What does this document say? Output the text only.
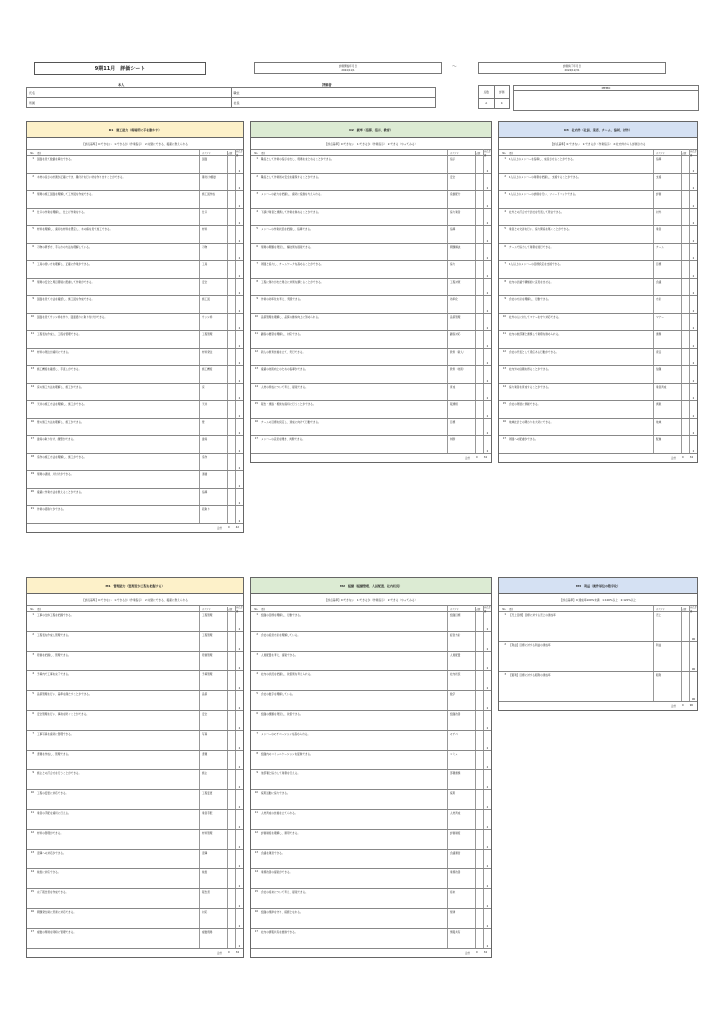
9期11月　評価シート	評価開始年月日
2024/11/1
～	評価終了年月日
2024/11/31
本人	評価者
氏名	職位
所属	社長
点数	評価
A	4
MEMO
D1　施工能力（現場所に手を動かす）
【評点基準】0:できない　1:できるが（作業指示）　2:完璧にできる、後輩に教えられる
No.	項目	カテゴリ	点数
自己評価
1	図面を見て数値を算出できる。	図面
2
2	木材の長さの計測が正確にでき、墨付けを行い材を作り出すことができる。	墨付け/鉋掛
2
3	現場の施工図面を理解して工作図を作成できる。	施工図作成
2
4	仕口の作業を理解し、仕上げ作業をする。	仕口
2
5	材料を理解し、適切な材料を選定し、木の癖を見て加工できる。	材料
2
6	刃物の研ぎ方、手入れの方法を理解している。	刃物
2
7	工具の使い方を理解し、正確に作業ができる。	工具
2
8	現場の安全と周辺環境に配慮して作業ができる。	安全
2
9	図面を見て寸法を確認し、施工図を作成できる。	施工図
2
10	図面を見てサッシ枠を作り、図面通りに取り付けができる。	サッシ枠
2
11	工程表を作成し、工程を管理できる。	工程管理
2
12	材料の発注が適切にできる。	材料発注
2
13	施工精度を確認し、手直しができる。	施工精度
2
14	床の施工方法を理解し、施工ができる。	床
2
15	天井の施工方法を理解し、施工ができる。	天井
2
16	壁の施工方法を理解し、施工ができる。	壁
2
17	建具の取り付け、調整ができる。	建具
2
18	造作の施工方法を理解し、施工ができる。	造作
2
19	現場の清掃、片付けができる。	清掃
2
20	後輩に作業方法を教えることができる。	指導
2
21	作業の段取りができる。	段取り
2
合計 0 42
D2　統率（指揮、指示、教育）
【評点基準】0:できない　1:できるが（作業指示）　2:できる（やってみる）
No.	項目	カテゴリ	点数
自己評価
1	職長として作業の指示を出し、現場をまとめることができる。	指示
2
2	職長として作業員の安全を確保することができる。	安全
2
3	メンバーの能力を把握し、適切に役割を与えられる。	役割配分
2
4	下請け業者と連携して作業を進めることができる。	協力業者
2
5	メンバーの作業状況を把握し、指導できる。	指導
2
6	現場の問題を発見し、解決策を提案できる。	問題解決
2
7	周囲と協力し、チームワークを高めることができる。	協力
2
8	工程に遅れが出た場合に対策を講じることができる。	工程対策
2
9	作業の効率化を考え、実践できる。	効率化
2
10	品質管理を理解し、品質の維持向上に努められる。	品質管理
2
11	顧客の要望を理解し、対応できる。	顧客対応
2
12	新人の教育計画を立て、実行できる。	教育（新人）
2
13	後輩の技術向上のための指導ができる。	教育（技術）
2
14	人材の育成について考え、提案できる。	育成
2
15	報告・連絡・相談を適切に行うことができる。	報連相
2
16	チームの目標を設定し、達成に向けて行動できる。	目標
2
17	メンバーの意見を聞き、判断できる。	判断
2
合計 0 34
D3　社内外（社員、業者、チーム、協同、対外）
【評点基準】0:できない　1:できるが（作業指示）　2:社内外からも評価される
No.	項目	カテゴリ	点数
自己評価
1	1人以上のメンバーを指導し、成長させることができる。	指導
2
2	1人以上のメンバーの業務を把握し、支援することができる。	支援
2
3	1人以上のメンバーの評価を行い、フィードバックできる。	評価
2
4	社外との打合せで会社を代表して発言できる。	対外
2
5	業者との交渉を行い、協力関係を築くことができる。	業者
2
6	チームで協力して業務を遂行できる。	チーム
2
7	1人以上のメンバーの目標設定を支援できる。	目標
2
8	社内の会議で積極的に意見を出せる。	会議
2
9	会社の方針を理解し、行動できる。	方針
2
10	社外の人に対してマナーを守り対応できる。	マナー
2
11	社内の他部署と連携して業務を進められる。	連携
2
12	会社の代表として責任ある行動ができる。	責任
2
13	社内外の信頼を得ることができる。	信頼
2
14	協力業者を育成することができる。	業者育成
2
15	会社の発展に貢献できる。	貢献
2
16	地域社会との関わりを大切にできる。	地域
2
17	周囲への配慮ができる。	配慮
2
合計 0 34
M1　管理能力（監理者が工程を把握する）
【評点基準】0:できない　1:できるが（作業指示）　2:完璧にできる、後輩に教えられる
No.	項目	カテゴリ	点数
自己評価
1	工事の全体工程を把握できる。	工程管理
2
2	工程表を作成し管理できる。	工程管理
2
3	原価を把握し、管理できる。	原価管理
2
4	予算内で工事を完了できる。	予算管理
2
5	品質管理を行い、基準を満たすことができる。	品質
2
6	安全管理を行い、事故を防ぐことができる。	安全
2
7	工事写真を適切に管理できる。	写真
2
8	書類を作成し、管理できる。	書類
2
9	施主との打合せを行うことができる。	施主
2
10	工程の変更に対応できる。	工程変更
2
11	業者の手配を適切に行える。	業者手配
2
12	材料の管理ができる。	材料管理
2
13	近隣への対応ができる。	近隣
2
14	検査に対応できる。	検査
2
15	完了報告書を作成できる。	報告書
2
16	問題発生時に迅速に対応できる。	対応
2
17	複数の現場を同時に管理できる。	複数現場
2
合計 0 34
M2　組織（組織管理、人員配置、社内状況）
【評点基準】0:できない　1:できるが（作業指示）　2:できる（やってみる）
No.	項目	カテゴリ	点数
自己評価
1	組織の目標を理解し、行動できる。	組織目標
2
2	会社の経営方針を理解している。	経営方針
2
3	人員配置を考え、提案できる。	人員配置
2
4	社内の状況を把握し、改善策を考えられる。	社内状況
2
5	会社の数字を理解している。	数字
2
6	組織の課題を発見し、改善できる。	組織改善
2
7	メンバーのモチベーションを高められる。	モチベ
2
8	組織内のコミュニケーションを促進できる。	コミュ
2
9	他部署と協力して業務を行える。	部署連携
2
10	採用活動に協力できる。	採用
2
11	人材育成の計画を立てられる。	人材育成
2
12	評価制度を理解し、運用できる。	評価制度
2
13	会議を運営できる。	会議運営
2
14	業務改善の提案ができる。	業務改善
2
15	会社の将来について考え、提案できる。	将来
2
16	組織の規律を守り、模範となれる。	規律
2
17	社内の情報共有を推進できる。	情報共有
2
合計 0 34
M3　利益（案件単位の数字化）
【評点基準】0:達成率100%未満　1:100%以上　2:120%以上
No.	項目	カテゴリ	点数
自己評価
1	【売上目標】目標に対する売上の達成率	売上
90
2	【利益】目標に対する利益の達成率	利益
90
3	【粗利】目標に対する粗利の達成率	粗利
90
合計 0 90
